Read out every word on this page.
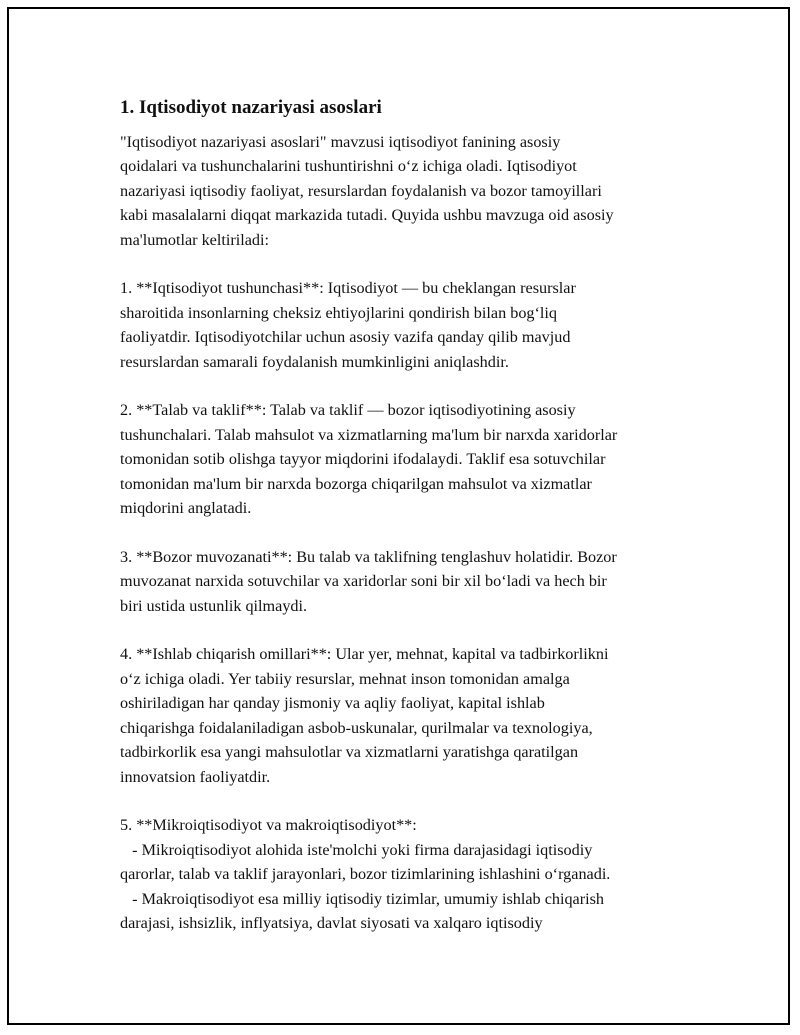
1. Iqtisodiyot nazariyasi asoslari
"Iqtisodiyot nazariyasi asoslari" mavzusi iqtisodiyot fanining asosiy
qoidalari va tushunchalarini tushuntirishni o‘z ichiga oladi. Iqtisodiyot
nazariyasi iqtisodiy faoliyat, resurslardan foydalanish va bozor tamoyillari
kabi masalalarni diqqat markazida tutadi. Quyida ushbu mavzuga oid asosiy
ma'lumotlar keltiriladi:
1. **Iqtisodiyot tushunchasi**: Iqtisodiyot — bu cheklangan resurslar
sharoitida insonlarning cheksiz ehtiyojlarini qondirish bilan bog‘liq
faoliyatdir. Iqtisodiyotchilar uchun asosiy vazifa qanday qilib mavjud
resurslardan samarali foydalanish mumkinligini aniqlashdir.
2. **Talab va taklif**: Talab va taklif — bozor iqtisodiyotining asosiy
tushunchalari. Talab mahsulot va xizmatlarning ma'lum bir narxda xaridorlar
tomonidan sotib olishga tayyor miqdorini ifodalaydi. Taklif esa sotuvchilar
tomonidan ma'lum bir narxda bozorga chiqarilgan mahsulot va xizmatlar
miqdorini anglatadi.
3. **Bozor muvozanati**: Bu talab va taklifning tenglashuv holatidir. Bozor
muvozanat narxida sotuvchilar va xaridorlar soni bir xil bo‘ladi va hech bir
biri ustida ustunlik qilmaydi.
4. **Ishlab chiqarish omillari**: Ular yer, mehnat, kapital va tadbirkorlikni
o‘z ichiga oladi. Yer tabiiy resurslar, mehnat inson tomonidan amalga
oshiriladigan har qanday jismoniy va aqliy faoliyat, kapital ishlab
chiqarishga foidalaniladigan asbob-uskunalar, qurilmalar va texnologiya,
tadbirkorlik esa yangi mahsulotlar va xizmatlarni yaratishga qaratilgan
innovatsion faoliyatdir.
5. **Mikroiqtisodiyot va makroiqtisodiyot**:
- Mikroiqtisodiyot alohida iste'molchi yoki firma darajasidagi iqtisodiy
qarorlar, talab va taklif jarayonlari, bozor tizimlarining ishlashini o‘rganadi.
- Makroiqtisodiyot esa milliy iqtisodiy tizimlar, umumiy ishlab chiqarish
darajasi, ishsizlik, inflyatsiya, davlat siyosati va xalqaro iqtisodiy
